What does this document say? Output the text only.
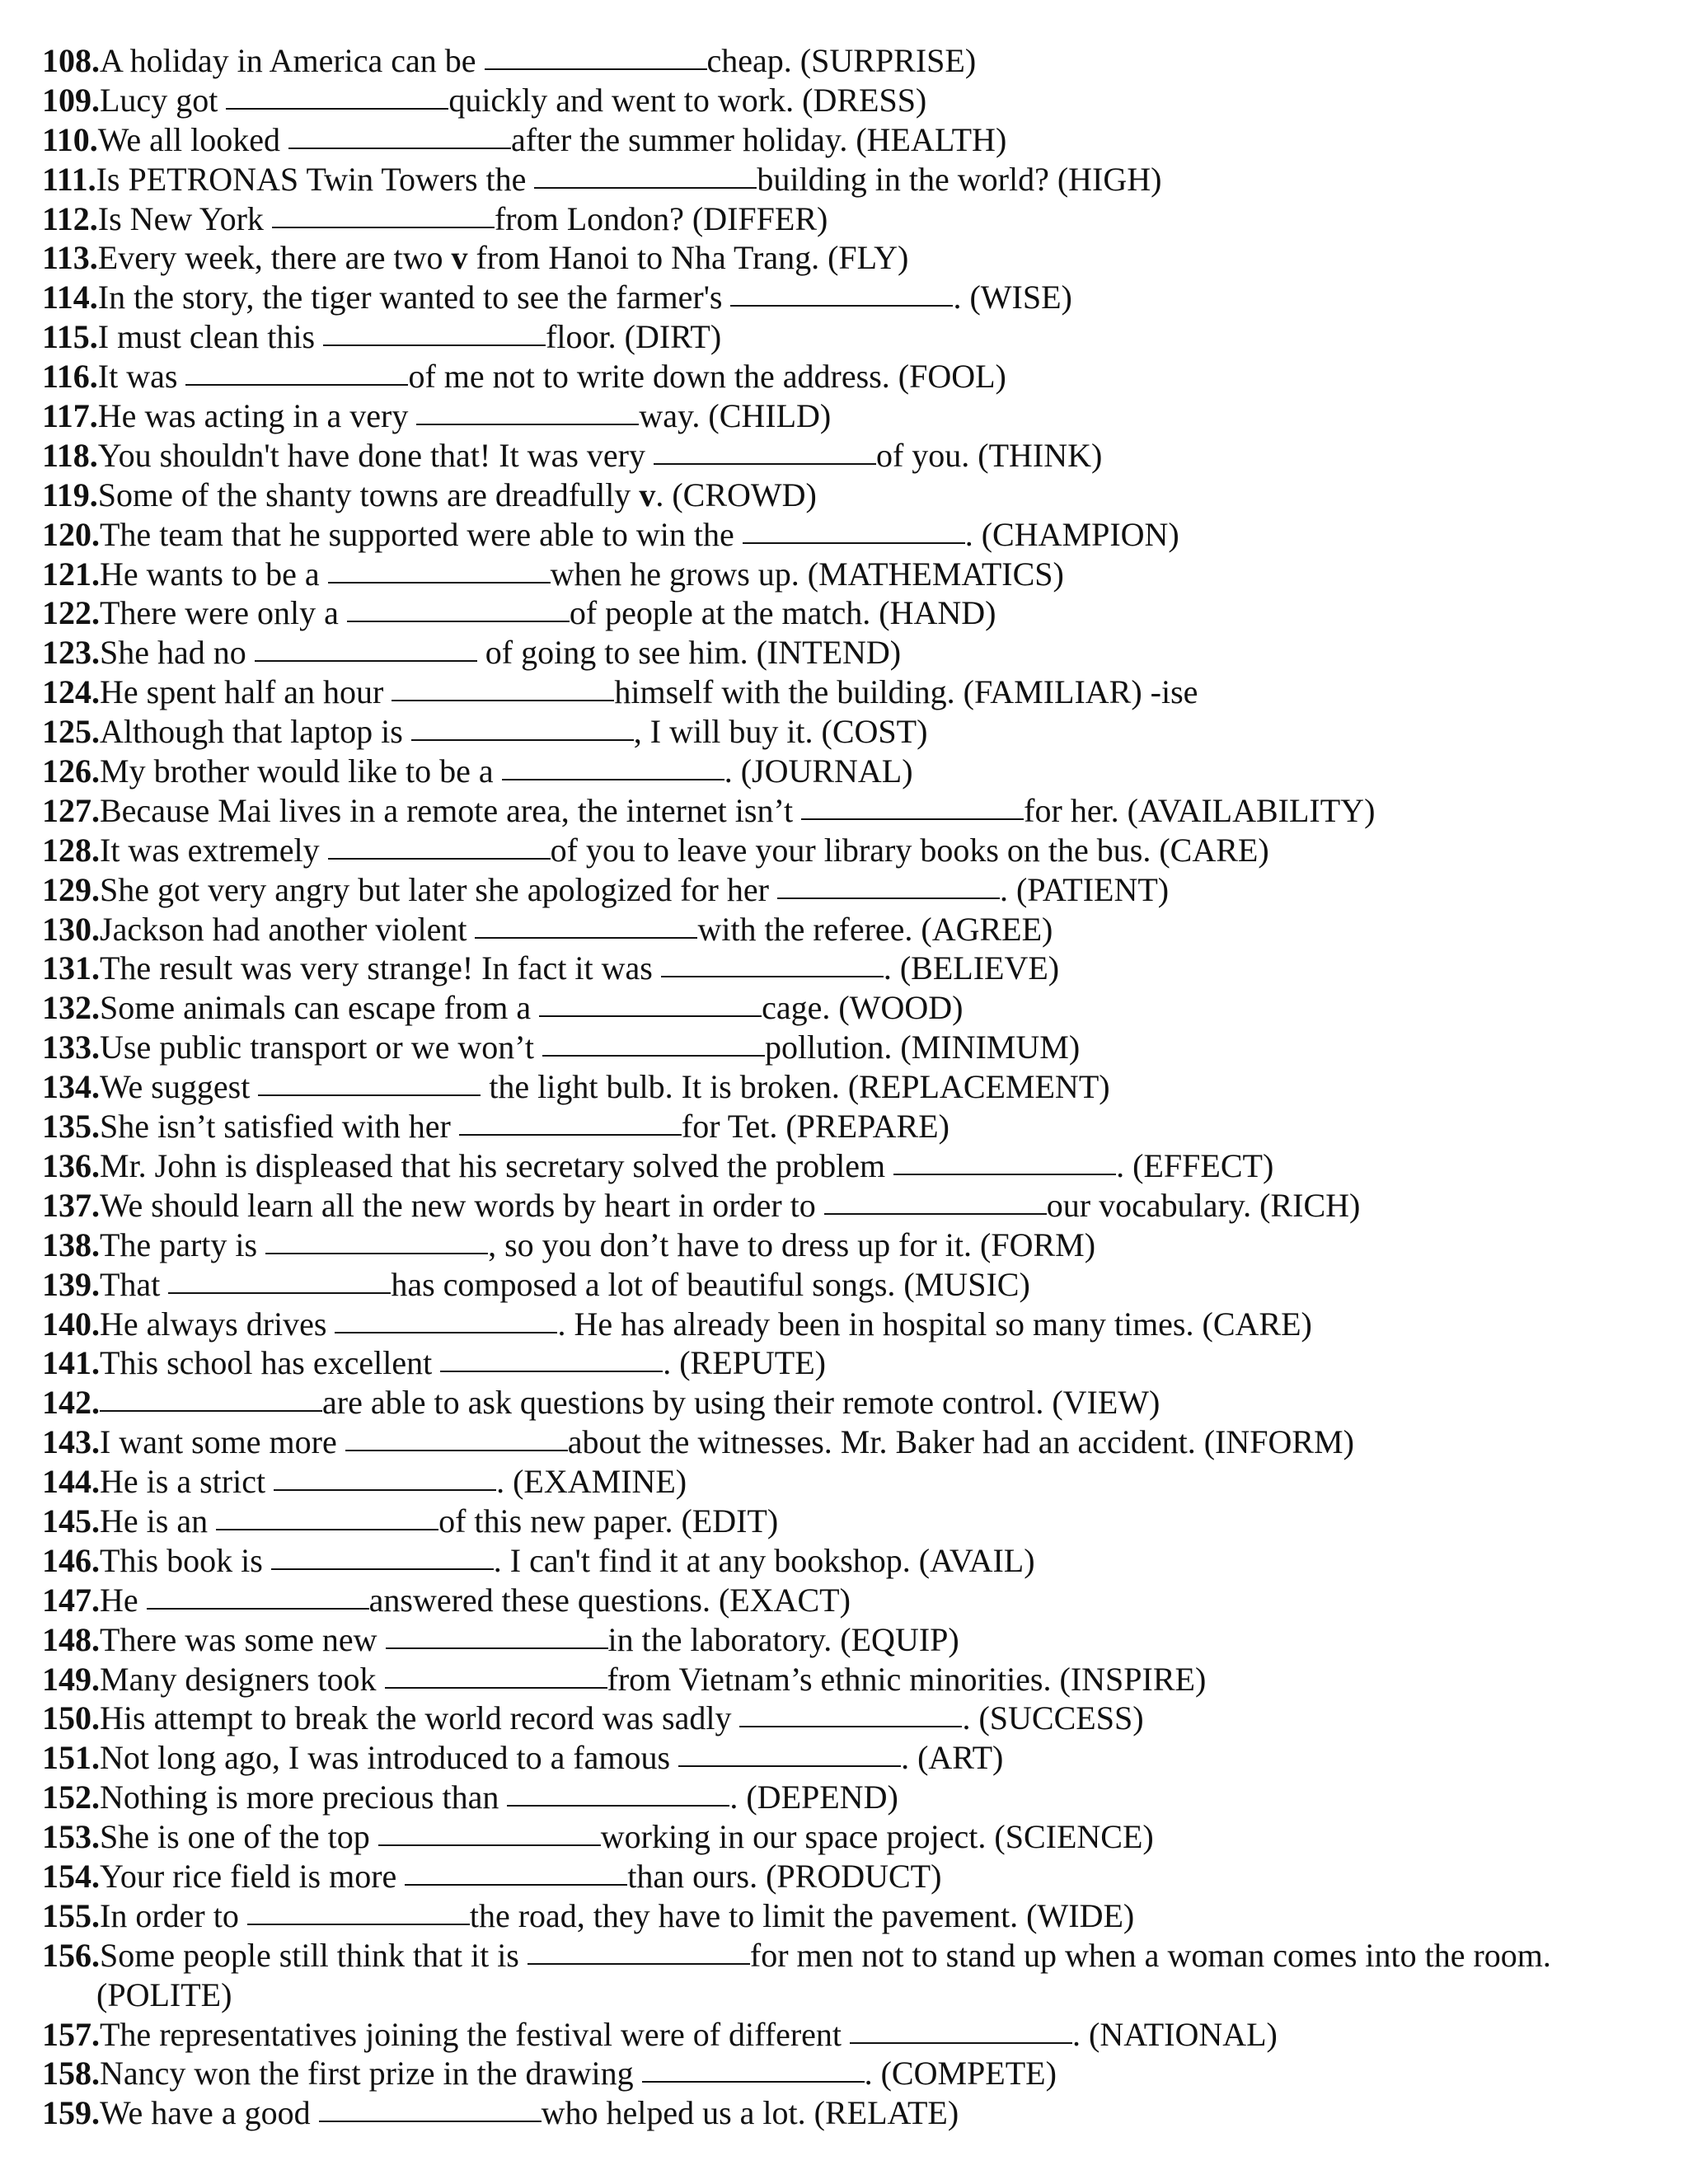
108.A holiday in America can be	cheap. (SURPRISE)
109.Lucy got	quickly and went to work. (DRESS)
110.We all looked	after the summer holiday. (HEALTH)
111.Is PETRONAS Twin Towers the	building in the world? (HIGH)
112.Is New York	from London? (DIFFER)
113.Every week, there are two v from Hanoi to Nha Trang. (FLY)
114.In the story, the tiger wanted to see the farmer's	. (WISE)
115.I must clean this	floor. (DIRT)
116.It was	of me not to write down the address. (FOOL)
117.He was acting in a very	way. (CHILD)
118.You shouldn't have done that! It was very	of you. (THINK)
119.Some of the shanty towns are dreadfully v. (CROWD)
120.The team that he supported were able to win the	. (CHAMPION)
121.He wants to be a	when he grows up. (MATHEMATICS)
122.There were only a	of people at the match. (HAND)
123.She had no	of going to see him. (INTEND)
124.He spent half an hour	himself with the building. (FAMILIAR) -ise
125.Although that laptop is	, I will buy it. (COST)
126.My brother would like to be a	. (JOURNAL)
127.Because Mai lives in a remote area, the internet isn’t	for her. (AVAILABILITY)
128.It was extremely	of you to leave your library books on the bus. (CARE)
129.She got very angry but later she apologized for her	. (PATIENT)
130.Jackson had another violent	with the referee. (AGREE)
131.The result was very strange! In fact it was	. (BELIEVE)
132.Some animals can escape from a	cage. (WOOD)
133.Use public transport or we won’t	pollution. (MINIMUM)
134.We suggest	the light bulb. It is broken. (REPLACEMENT)
135.She isn’t satisfied with her	for Tet. (PREPARE)
136.Mr. John is displeased that his secretary solved the problem	. (EFFECT)
137.We should learn all the new words by heart in order to	our vocabulary. (RICH)
138.The party is	, so you don’t have to dress up for it. (FORM)
139.That	has composed a lot of beautiful songs. (MUSIC)
140.He always drives	. He has already been in hospital so many times. (CARE)
141.This school has excellent	. (REPUTE)
142.	are able to ask questions by using their remote control. (VIEW)
143.I want some more	about the witnesses. Mr. Baker had an accident. (INFORM)
144.He is a strict	. (EXAMINE)
145.He is an	of this new paper. (EDIT)
146.This book is	. I can't find it at any bookshop. (AVAIL)
147.He	answered these questions. (EXACT)
148.There was some new	in the laboratory. (EQUIP)
149.Many designers took	from Vietnam’s ethnic minorities. (INSPIRE)
150.His attempt to break the world record was sadly	. (SUCCESS)
151.Not long ago, I was introduced to a famous	. (ART)
152.Nothing is more precious than	. (DEPEND)
153.She is one of the top	working in our space project. (SCIENCE)
154.Your rice field is more	than ours. (PRODUCT)
155.In order to	the road, they have to limit the pavement. (WIDE)
156.Some people still think that it is	for men not to stand up when a woman comes into the room.
(POLITE)
157.The representatives joining the festival were of different	. (NATIONAL)
158.Nancy won the first prize in the drawing	. (COMPETE)
159.We have a good	who helped us a lot. (RELATE)
